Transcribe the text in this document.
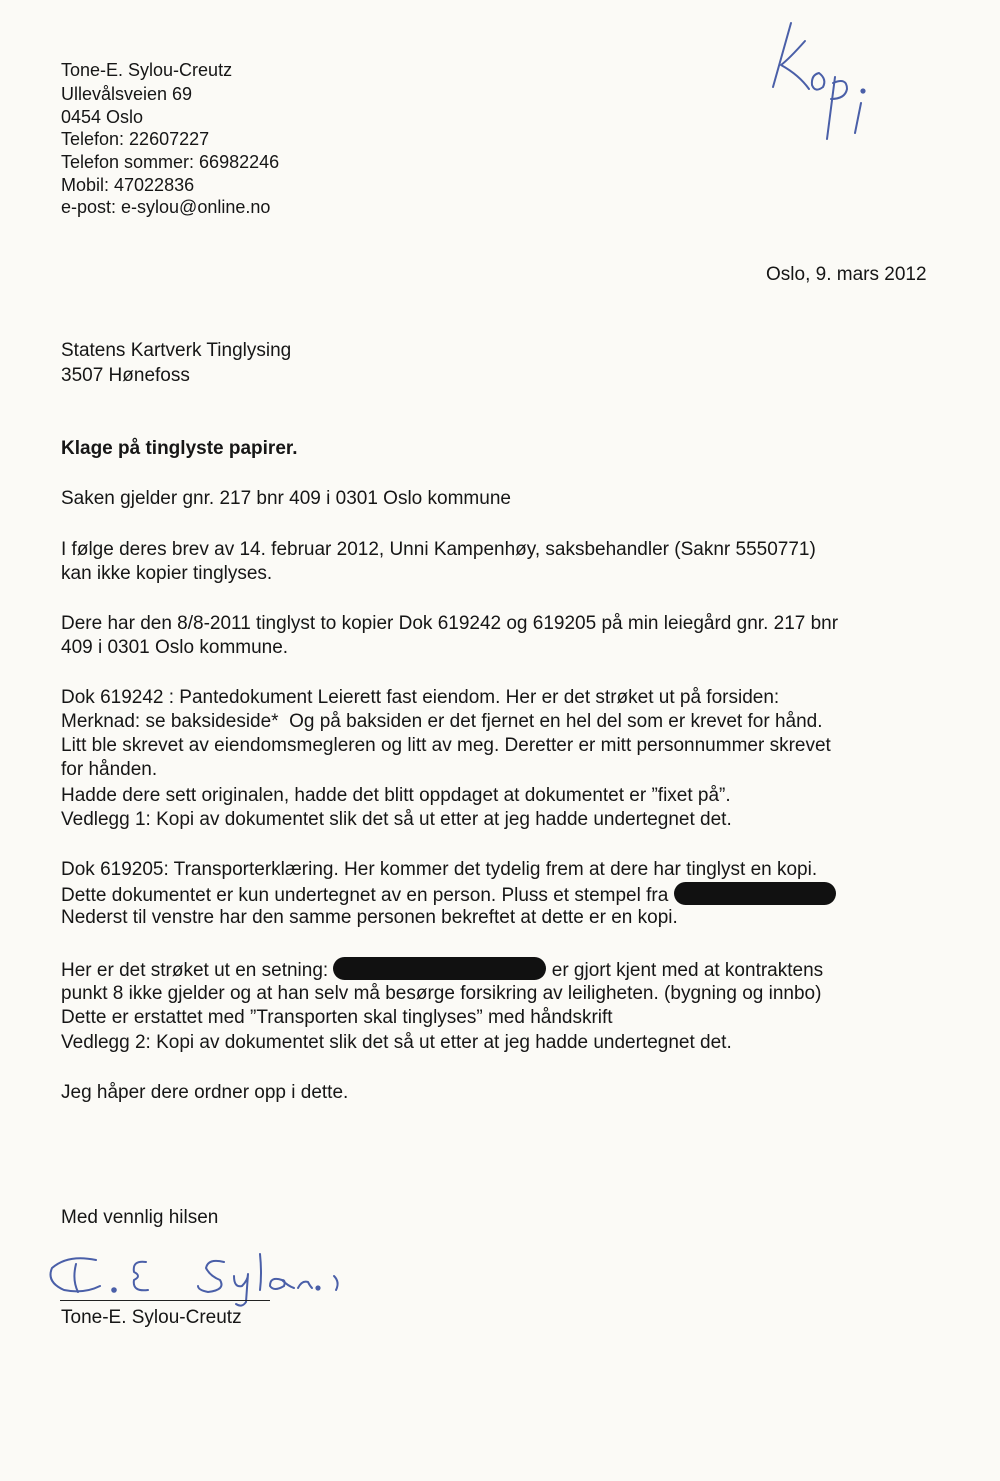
Tone-E. Sylou-Creutz
Ullevålsveien 69
0454 Oslo
Telefon: 22607227
Telefon sommer: 66982246
Mobil: 47022836
e-post: e-sylou@online.no
Oslo, 9. mars 2012
Statens Kartverk Tinglysing
3507 Hønefoss
Klage på tinglyste papirer.
Saken gjelder gnr. 217 bnr 409 i 0301 Oslo kommune
I følge deres brev av 14. februar 2012, Unni Kampenhøy, saksbehandler (Saknr 5550771)
kan ikke kopier tinglyses.
Dere har den 8/8-2011 tinglyst to kopier Dok 619242 og 619205 på min leiegård gnr. 217 bnr
409 i 0301 Oslo kommune.
Dok 619242 : Pantedokument Leierett fast eiendom. Her er det strøket ut på forsiden:
Merknad: se baksideside*  Og på baksiden er det fjernet en hel del som er krevet for hånd.
Litt ble skrevet av eiendomsmegleren og litt av meg. Deretter er mitt personnummer skrevet
for hånden.
Hadde dere sett originalen, hadde det blitt oppdaget at dokumentet er ”fixet på”.
Vedlegg 1: Kopi av dokumentet slik det så ut etter at jeg hadde undertegnet det.
Dok 619205: Transporterklæring. Her kommer det tydelig frem at dere har tinglyst en kopi.
Dette dokumentet er kun undertegnet av en person. Pluss et stempel fra
Nederst til venstre har den samme personen bekreftet at dette er en kopi.
Her er det strøket ut en setning:	er gjort kjent med at kontraktens
punkt 8 ikke gjelder og at han selv må besørge forsikring av leiligheten. (bygning og innbo)
Dette er erstattet med ”Transporten skal tinglyses” med håndskrift
Vedlegg 2: Kopi av dokumentet slik det så ut etter at jeg hadde undertegnet det.
Jeg håper dere ordner opp i dette.
Med vennlig hilsen
Tone-E. Sylou-Creutz
